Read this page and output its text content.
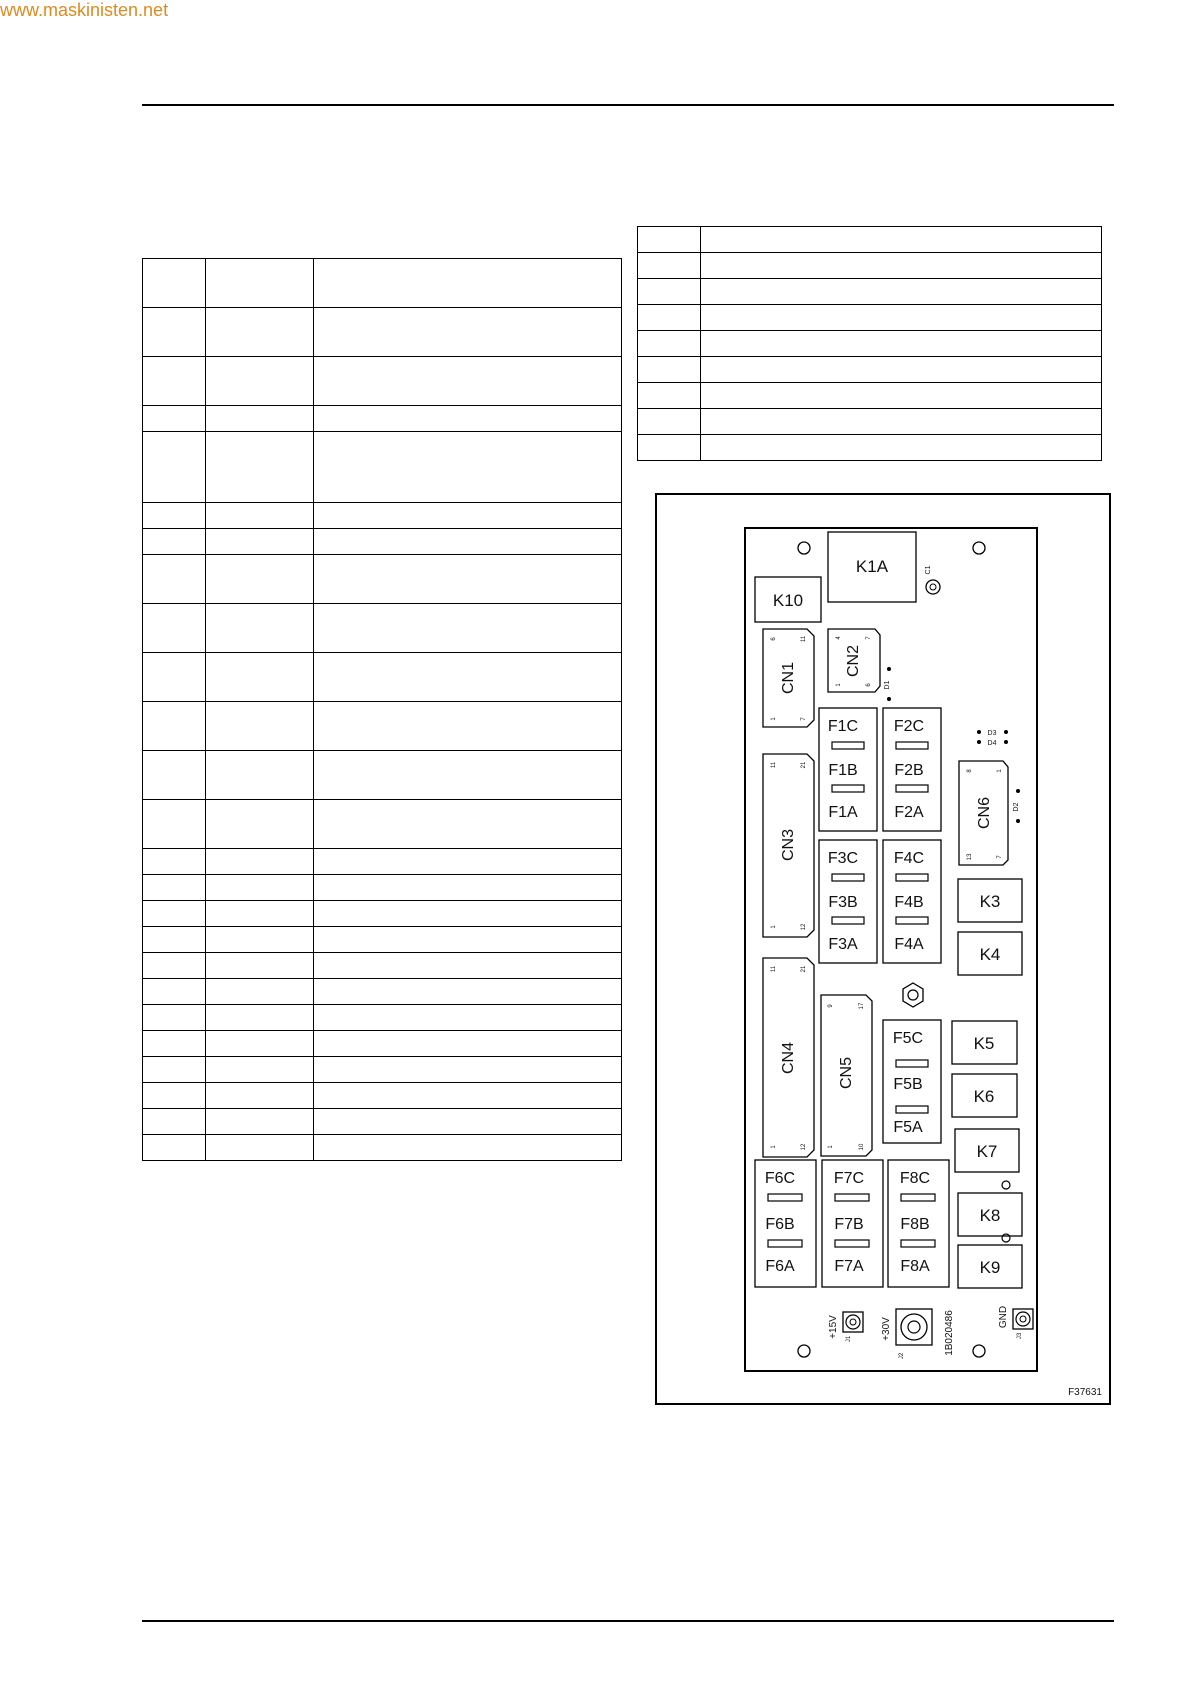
www.maskinisten.net

K1A	C1
K10
CN1
6	11
1	7
CN2
4	7
1	6 D1
D3
D4
F1C
F1B
F1A
F2C
F2B
F2A	CN6
8	1
13	7
D2
CN3
11	21
1	12
F3C
F3B
F3A
F4C
F4B
F4A
K3
K4
CN4
11	21
1	12
CN5
9	17
1	10
F5C
F5B
F5A
K5
K6
K7
F6C
F6B
F6A
F7C
F7B
F7A
F8C
F8B
F8A
K8
K9
+15V
J1	+30V
J2
1B020486	GND
J3
F37631
